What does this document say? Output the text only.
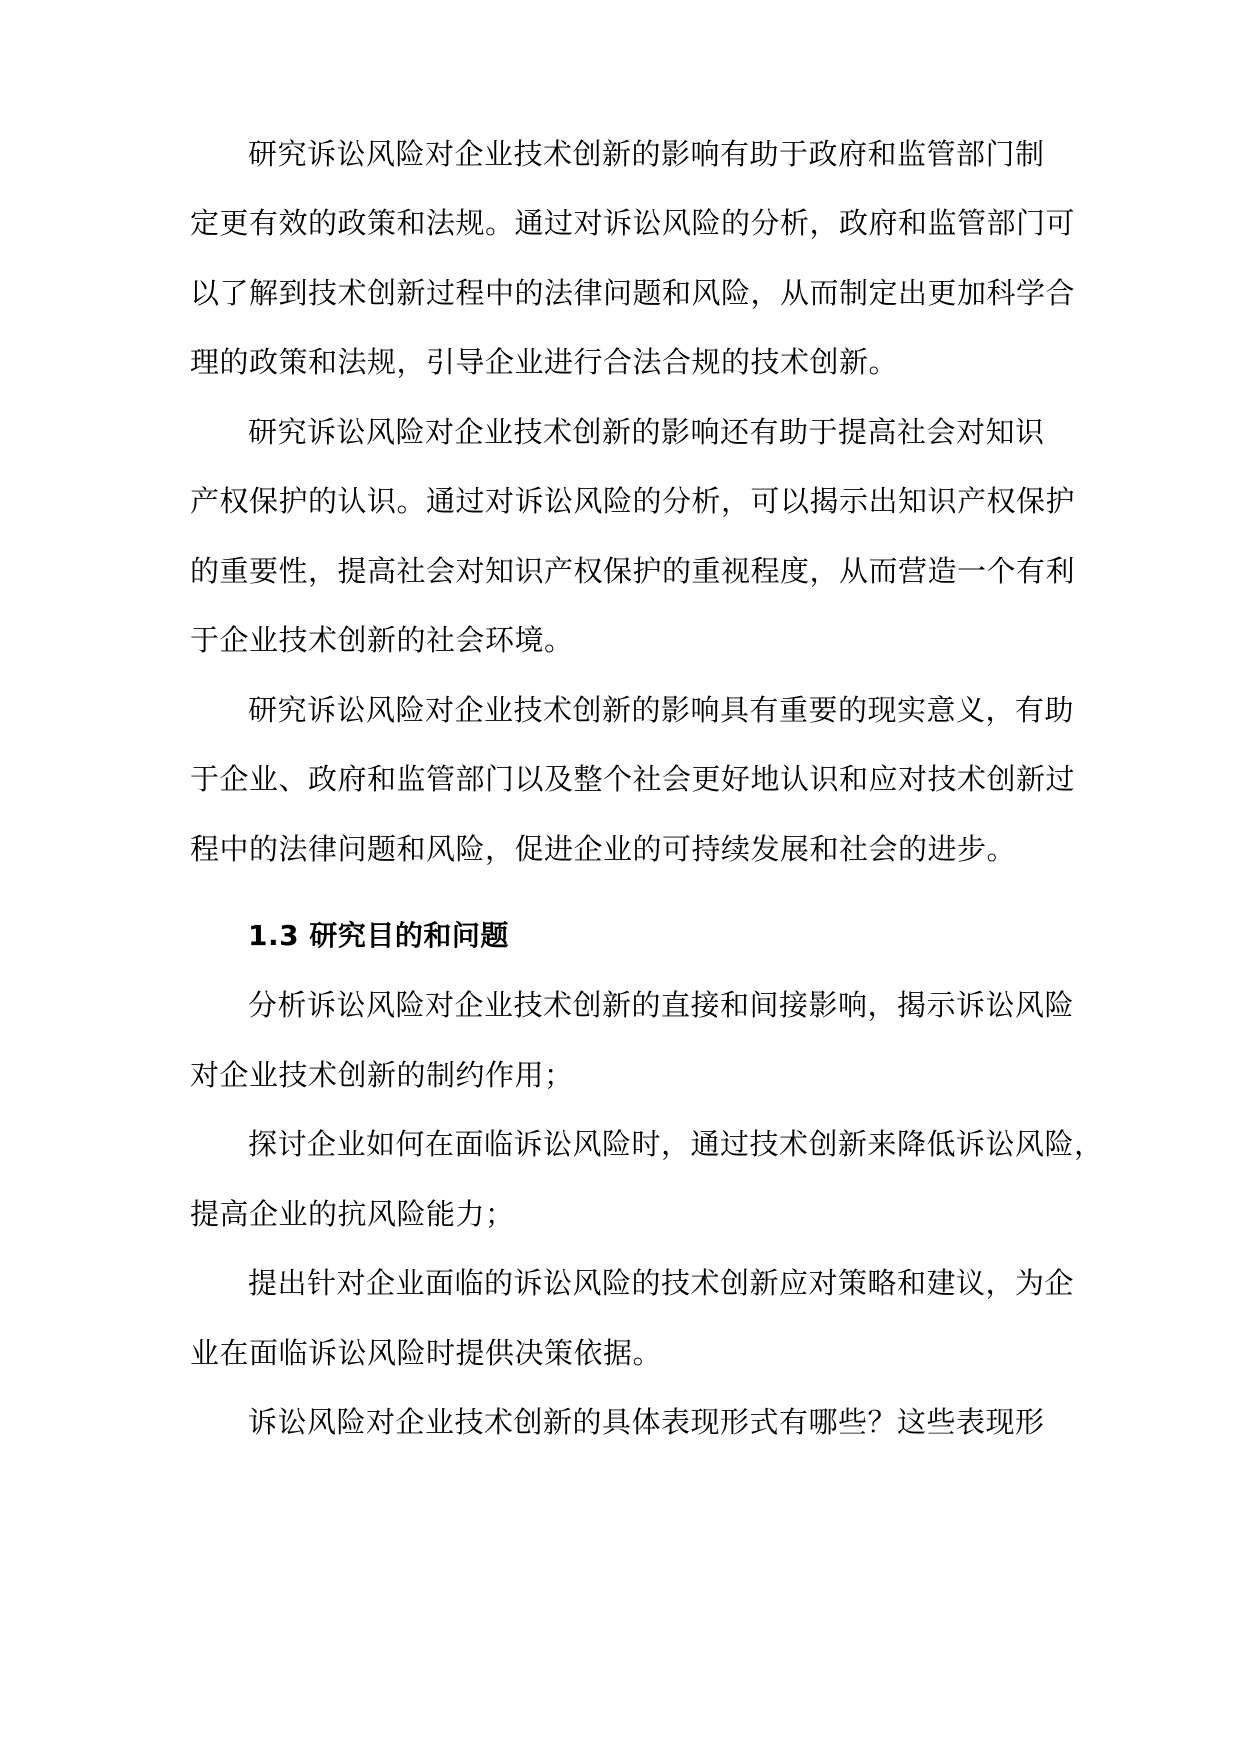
研究诉讼风险对企业技术创新的影响有助于政府和监管部门制

定更有效的政策和法规。通过对诉讼风险的分析，政府和监管部门可

以了解到技术创新过程中的法律问题和风险，从而制定出更加科学合

理的政策和法规，引导企业进行合法合规的技术创新。

研究诉讼风险对企业技术创新的影响还有助于提高社会对知识

产权保护的认识。通过对诉讼风险的分析，可以揭示出知识产权保护

的重要性，提高社会对知识产权保护的重视程度，从而营造一个有利

于企业技术创新的社会环境。

研究诉讼风险对企业技术创新的影响具有重要的现实意义，有助

于企业、政府和监管部门以及整个社会更好地认识和应对技术创新过

程中的法律问题和风险，促进企业的可持续发展和社会的进步。

1.3 研究目的和问题

分析诉讼风险对企业技术创新的直接和间接影响，揭示诉讼风险

对企业技术创新的制约作用；

探讨企业如何在面临诉讼风险时，通过技术创新来降低诉讼风险，

提高企业的抗风险能力；

提出针对企业面临的诉讼风险的技术创新应对策略和建议，为企

业在面临诉讼风险时提供决策依据。

诉讼风险对企业技术创新的具体表现形式有哪些？这些表现形
